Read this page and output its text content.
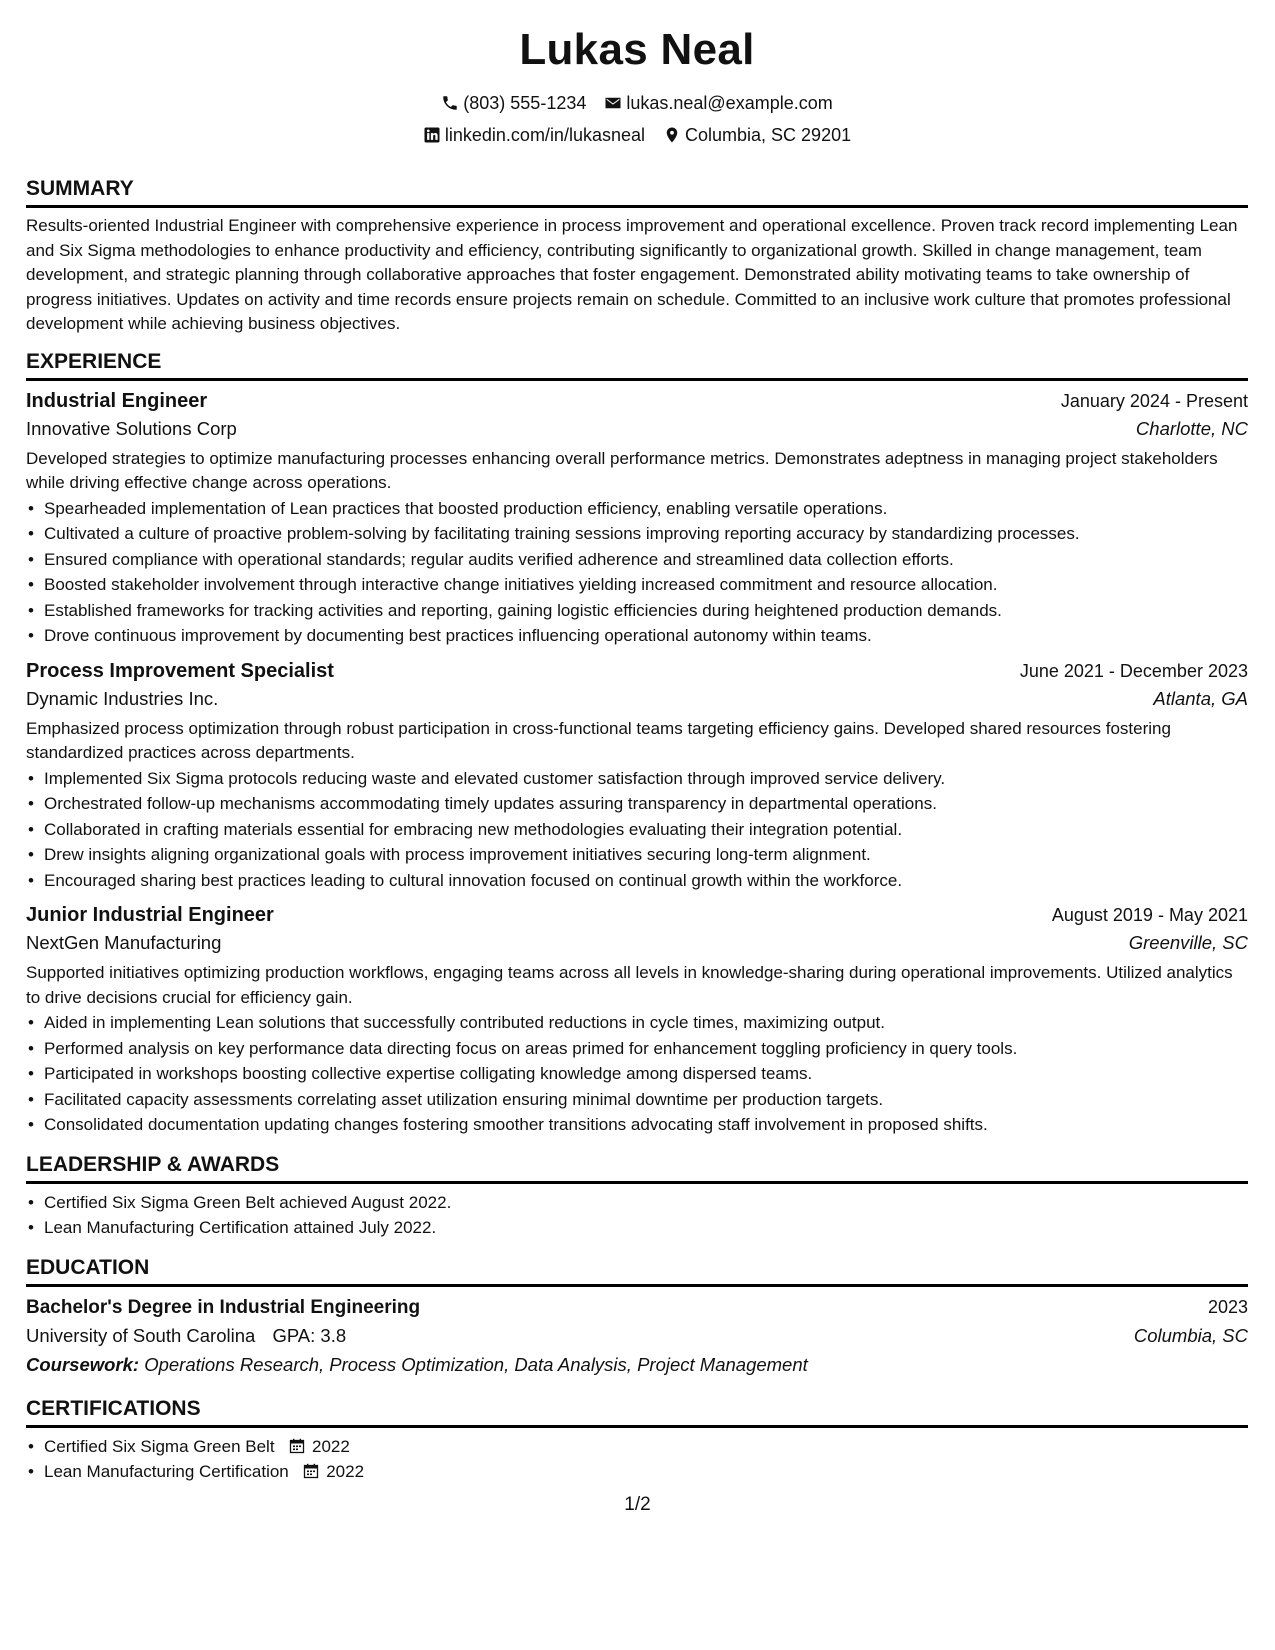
Lukas Neal
(803) 555-1234 lukas.neal@example.com
linkedin.com/in/lukasneal Columbia, SC 29201
SUMMARY

Results-oriented Industrial Engineer with comprehensive experience in process improvement and operational excellence. Proven track record implementing Lean and Six Sigma methodologies to enhance productivity and efficiency, contributing significantly to organizational growth. Skilled in change management, team development, and strategic planning through collaborative approaches that foster engagement. Demonstrated ability motivating teams to take ownership of progress initiatives. Updates on activity and time records ensure projects remain on schedule. Committed to an inclusive work culture that promotes professional development while achieving business objectives.

EXPERIENCE
Industrial Engineer	January 2024 - Present
Innovative Solutions Corp	Charlotte, NC

Developed strategies to optimize manufacturing processes enhancing overall performance metrics. Demonstrates adeptness in managing project stakeholders while driving effective change across operations.

• Spearheaded implementation of Lean practices that boosted production efficiency, enabling versatile operations.
• Cultivated a culture of proactive problem-solving by facilitating training sessions improving reporting accuracy by standardizing processes.
• Ensured compliance with operational standards; regular audits verified adherence and streamlined data collection efforts.
• Boosted stakeholder involvement through interactive change initiatives yielding increased commitment and resource allocation.
• Established frameworks for tracking activities and reporting, gaining logistic efficiencies during heightened production demands.
• Drove continuous improvement by documenting best practices influencing operational autonomy within teams.
Process Improvement Specialist	June 2021 - December 2023
Dynamic Industries Inc.	Atlanta, GA

Emphasized process optimization through robust participation in cross-functional teams targeting efficiency gains. Developed shared resources fostering standardized practices across departments.

• Implemented Six Sigma protocols reducing waste and elevated customer satisfaction through improved service delivery.
• Orchestrated follow-up mechanisms accommodating timely updates assuring transparency in departmental operations.
• Collaborated in crafting materials essential for embracing new methodologies evaluating their integration potential.
• Drew insights aligning organizational goals with process improvement initiatives securing long-term alignment.
• Encouraged sharing best practices leading to cultural innovation focused on continual growth within the workforce.
Junior Industrial Engineer	August 2019 - May 2021
NextGen Manufacturing	Greenville, SC

Supported initiatives optimizing production workflows, engaging teams across all levels in knowledge-sharing during operational improvements. Utilized analytics to drive decisions crucial for efficiency gain.

• Aided in implementing Lean solutions that successfully contributed reductions in cycle times, maximizing output.
• Performed analysis on key performance data directing focus on areas primed for enhancement toggling proficiency in query tools.
• Participated in workshops boosting collective expertise colligating knowledge among dispersed teams.
• Facilitated capacity assessments correlating asset utilization ensuring minimal downtime per production targets.
• Consolidated documentation updating changes fostering smoother transitions advocating staff involvement in proposed shifts.
LEADERSHIP & AWARDS
• Certified Six Sigma Green Belt achieved August 2022.
• Lean Manufacturing Certification attained July 2022.
EDUCATION
Bachelor's Degree in Industrial Engineering	2023
University of South Carolina GPA: 3.8	Columbia, SC
Coursework: Operations Research, Process Optimization, Data Analysis, Project Management
CERTIFICATIONS
• Certified Six Sigma Green Belt 2022
• Lean Manufacturing Certification 2022
1/2
